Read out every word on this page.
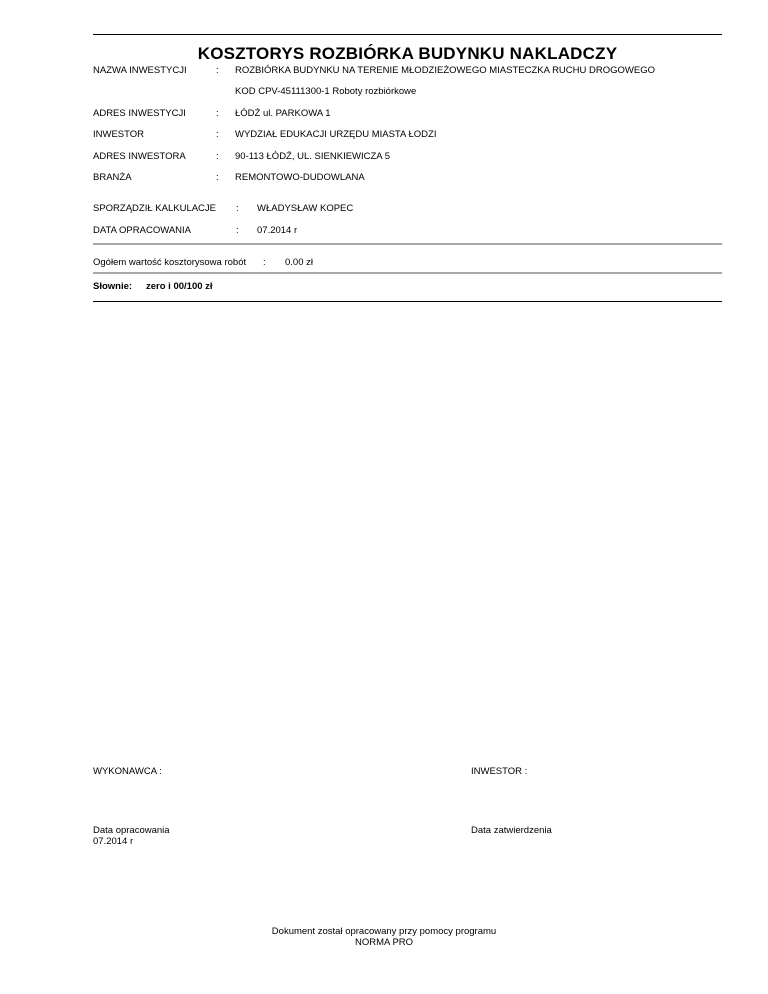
KOSZTORYS ROZBIÓRKA BUDYNKU NAKLADCZY
NAZWA INWESTYCJI	: ROZBIÓRKA BUDYNKU NA TERENIE MŁODZIEŻOWEGO MIASTECZKA RUCHU DROGOWEGO
KOD CPV-45111300-1 Roboty rozbiórkowe
ADRES INWESTYCJI	: ŁÓDŹ ul. PARKOWA 1
INWESTOR	: WYDZIAŁ EDUKACJI URZĘDU MIASTA ŁODZI
ADRES INWESTORA	: 90-113 ŁÓDŹ, UL. SIENKIEWICZA 5
BRANŻA	: REMONTOWO-DUDOWLANA
SPORZĄDZIŁ KALKULACJE : WŁADYSŁAW KOPEC
DATA OPRACOWANIA	: 07.2014 r
Ogółem wartość kosztorysowa robót : 0.00 zł
Słownie: zero i 00/100 zł
WYKONAWCA :	INWESTOR :
Data opracowania
07.2014 r
Data zatwierdzenia
Dokument został opracowany przy pomocy programu
NORMA PRO
